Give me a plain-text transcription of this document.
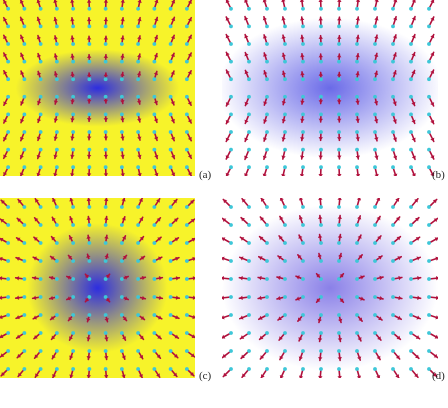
(a)	(b)
(c)	(d)
